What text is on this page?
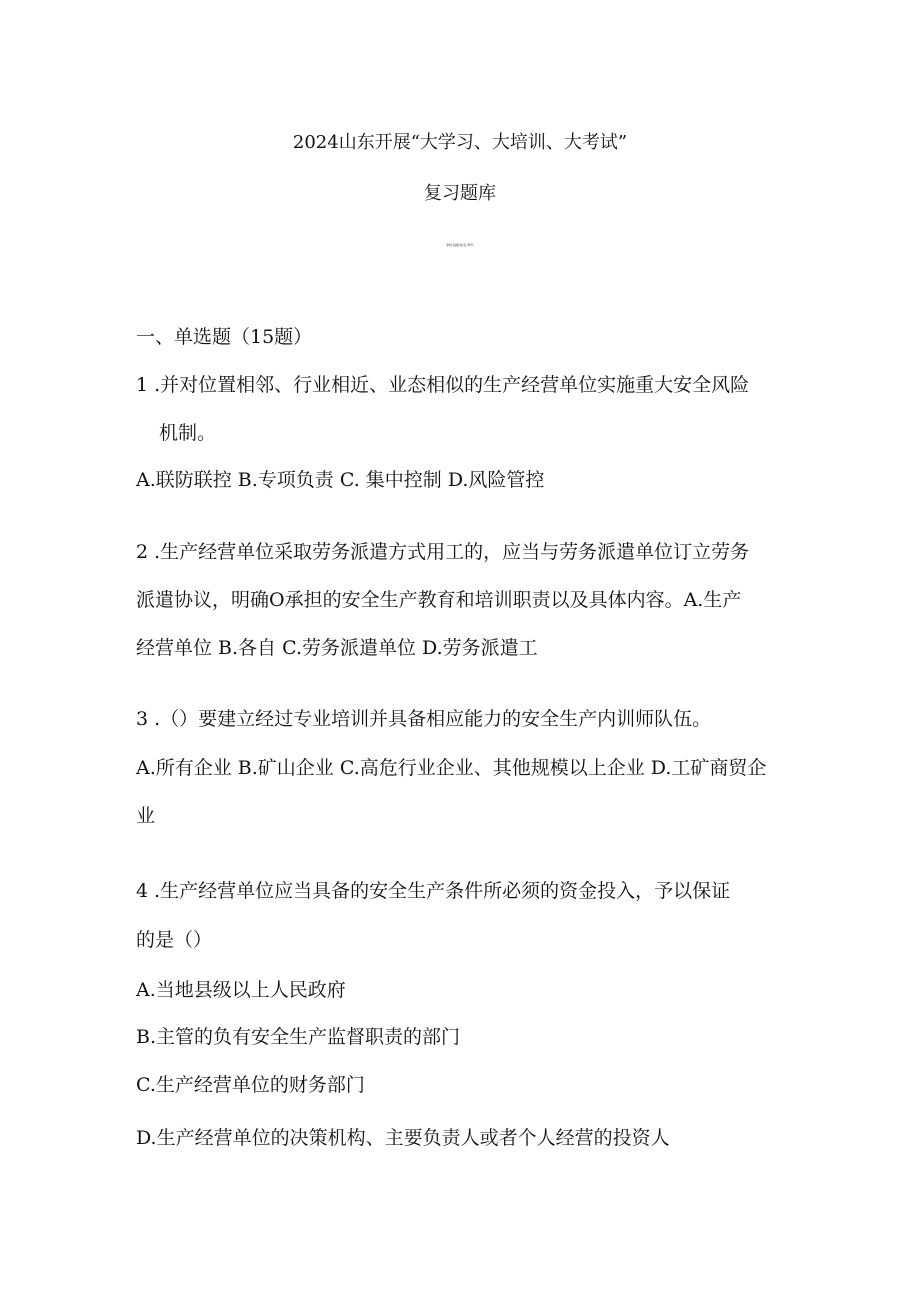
2024山东开展“大学习、大培训、大考试”
复习题库
学校:班级:姓名:考号:
一、单选题（15题）
1 .并对位置相邻、行业相近、业态相似的生产经营单位实施重大安全风险
机制。
A.联防联控 B.专项负责 C. 集中控制 D.风险管控
2 .生产经营单位采取劳务派遣方式用工的，应当与劳务派遣单位订立劳务
派遣协议，明确O承担的安全生产教育和培训职责以及具体内容。A.生产
经营单位 B.各自 C.劳务派遣单位 D.劳务派遣工
3 .（）要建立经过专业培训并具备相应能力的安全生产内训师队伍。
A.所有企业 B.矿山企业 C.高危行业企业、其他规模以上企业 D.工矿商贸企
业
4 .生产经营单位应当具备的安全生产条件所必须的资金投入，予以保证
的是（）
A.当地县级以上人民政府
B.主管的负有安全生产监督职责的部门
C.生产经营单位的财务部门
D.生产经营单位的决策机构、主要负责人或者个人经营的投资人
